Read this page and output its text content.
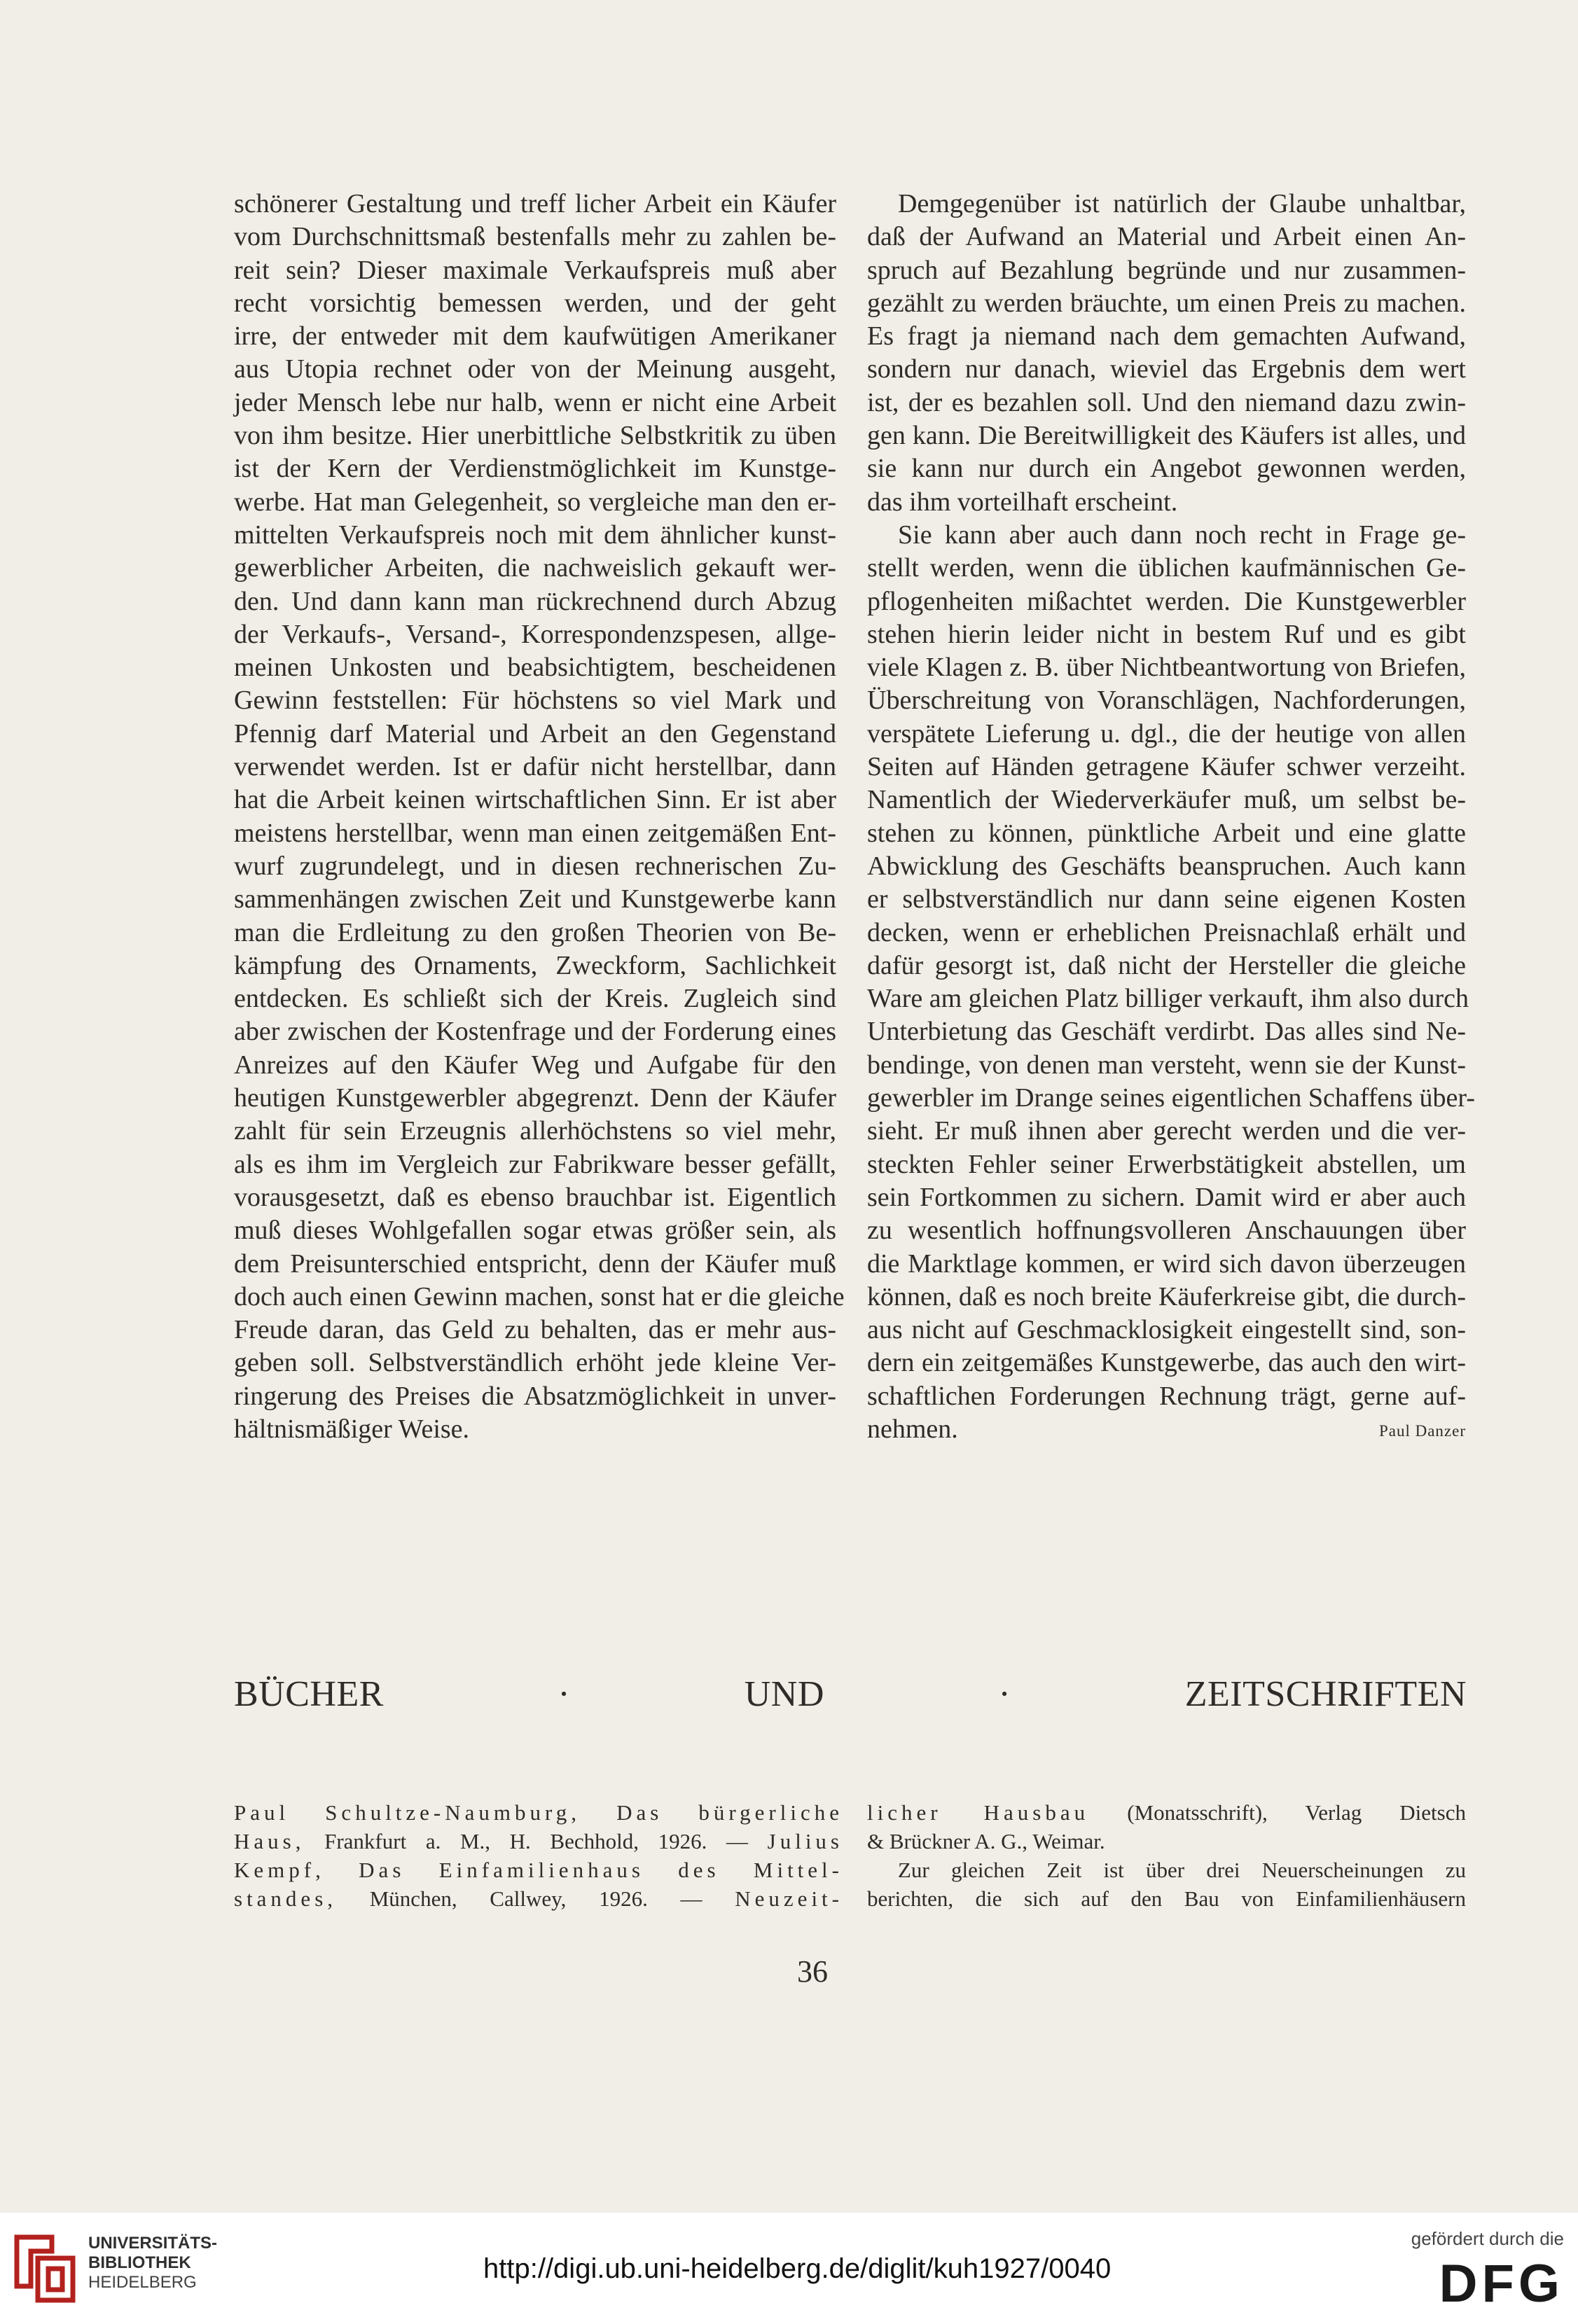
schönerer Gestaltung und treff licher Arbeit ein Käufer
vom Durchschnittsmaß bestenfalls mehr zu zahlen be-
reit sein? Dieser maximale Verkaufspreis muß aber
recht vorsichtig bemessen werden, und der geht
irre, der entweder mit dem kaufwütigen Amerikaner
aus Utopia rechnet oder von der Meinung ausgeht,
jeder Mensch lebe nur halb, wenn er nicht eine Arbeit
von ihm besitze. Hier unerbittliche Selbstkritik zu üben
ist der Kern der Verdienstmöglichkeit im Kunstge-
werbe. Hat man Gelegenheit, so vergleiche man den er-
mittelten Verkaufspreis noch mit dem ähnlicher kunst-
gewerblicher Arbeiten, die nachweislich gekauft wer-
den. Und dann kann man rückrechnend durch Abzug
der Verkaufs-, Versand-, Korrespondenzspesen, allge-
meinen Unkosten und beabsichtigtem, bescheidenen
Gewinn feststellen: Für höchstens so viel Mark und
Pfennig darf Material und Arbeit an den Gegenstand
verwendet werden. Ist er dafür nicht herstellbar, dann
hat die Arbeit keinen wirtschaftlichen Sinn. Er ist aber
meistens herstellbar, wenn man einen zeitgemäßen Ent-
wurf zugrundelegt, und in diesen rechnerischen Zu-
sammenhängen zwischen Zeit und Kunstgewerbe kann
man die Erdleitung zu den großen Theorien von Be-
kämpfung des Ornaments, Zweckform, Sachlichkeit
entdecken. Es schließt sich der Kreis. Zugleich sind
aber zwischen der Kostenfrage und der Forderung eines
Anreizes auf den Käufer Weg und Aufgabe für den
heutigen Kunstgewerbler abgegrenzt. Denn der Käufer
zahlt für sein Erzeugnis allerhöchstens so viel mehr,
als es ihm im Vergleich zur Fabrikware besser gefällt,
vorausgesetzt, daß es ebenso brauchbar ist. Eigentlich
muß dieses Wohlgefallen sogar etwas größer sein, als
dem Preisunterschied entspricht, denn der Käufer muß
doch auch einen Gewinn machen, sonst hat er die gleiche
Freude daran, das Geld zu behalten, das er mehr aus-
geben soll. Selbstverständlich erhöht jede kleine Ver-
ringerung des Preises die Absatzmöglichkeit in unver-
hältnismäßiger Weise.
Demgegenüber ist natürlich der Glaube unhaltbar,
daß der Aufwand an Material und Arbeit einen An-
spruch auf Bezahlung begründe und nur zusammen-
gezählt zu werden bräuchte, um einen Preis zu machen.
Es fragt ja niemand nach dem gemachten Aufwand,
sondern nur danach, wieviel das Ergebnis dem wert
ist, der es bezahlen soll. Und den niemand dazu zwin-
gen kann. Die Bereitwilligkeit des Käufers ist alles, und
sie kann nur durch ein Angebot gewonnen werden,
das ihm vorteilhaft erscheint.
Sie kann aber auch dann noch recht in Frage ge-
stellt werden, wenn die üblichen kaufmännischen Ge-
pflogenheiten mißachtet werden. Die Kunstgewerbler
stehen hierin leider nicht in bestem Ruf und es gibt
viele Klagen z. B. über Nichtbeantwortung von Briefen,
Überschreitung von Voranschlägen, Nachforderungen,
verspätete Lieferung u. dgl., die der heutige von allen
Seiten auf Händen getragene Käufer schwer verzeiht.
Namentlich der Wiederverkäufer muß, um selbst be-
stehen zu können, pünktliche Arbeit und eine glatte
Abwicklung des Geschäfts beanspruchen. Auch kann
er selbstverständlich nur dann seine eigenen Kosten
decken, wenn er erheblichen Preisnachlaß erhält und
dafür gesorgt ist, daß nicht der Hersteller die gleiche
Ware am gleichen Platz billiger verkauft, ihm also durch
Unterbietung das Geschäft verdirbt. Das alles sind Ne-
bendinge, von denen man versteht, wenn sie der Kunst-
gewerbler im Drange seines eigentlichen Schaffens über-
sieht. Er muß ihnen aber gerecht werden und die ver-
steckten Fehler seiner Erwerbstätigkeit abstellen, um
sein Fortkommen zu sichern. Damit wird er aber auch
zu wesentlich hoffnungsvolleren Anschauungen über
die Marktlage kommen, er wird sich davon überzeugen
können, daß es noch breite Käuferkreise gibt, die durch-
aus nicht auf Geschmacklosigkeit eingestellt sind, son-
dern ein zeitgemäßes Kunstgewerbe, das auch den wirt-
schaftlichen Forderungen Rechnung trägt, gerne auf-
nehmen.	Paul Danzer
BÜCHER · UND · ZEITSCHRIFTEN
Paul Schultze-Naumburg, Das bürgerliche
Haus, Frankfurt a. M., H. Bechhold, 1926. — Julius
Kempf, Das Einfamilienhaus des Mittel-
standes, München, Callwey, 1926. — Neuzeit-
licher Hausbau (Monatsschrift), Verlag Dietsch
& Brückner A. G., Weimar.
Zur gleichen Zeit ist über drei Neuerscheinungen zu
berichten, die sich auf den Bau von Einfamilienhäusern
36
UNIVERSITÄTS-
BIBLIOTHEK
HEIDELBERG	http://digi.ub.uni-heidelberg.de/diglit/kuh1927/0040
gefördert durch die
DFG
